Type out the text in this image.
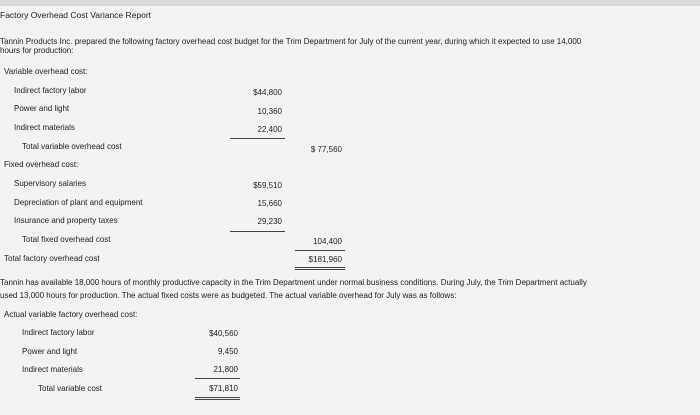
Factory Overhead Cost Variance Report
Tannin Products Inc. prepared the following factory overhead cost budget for the Trim Department for July of the current year, during which it expected to use 14,000
hours for production:
Variable overhead cost:
Indirect factory labor	$44,800
Power and light	10,360
Indirect materials	22,400
Total variable overhead cost	$ 77,560
Fixed overhead cost:
Supervisory salaries	$59,510
Depreciation of plant and equipment	15,660
Insurance and property taxes	29,230
Total fixed overhead cost	104,400
Total factory overhead cost	$181,960
Tannin has available 18,000 hours of monthly productive capacity in the Trim Department under normal business conditions. During July, the Trim Department actually
used 13,000 hours for production. The actual fixed costs were as budgeted. The actual variable overhead for July was as follows:
Actual variable factory overhead cost:
Indirect factory labor	$40,560
Power and light	9,450
Indirect materials	21,800
Total variable cost	$71,810
